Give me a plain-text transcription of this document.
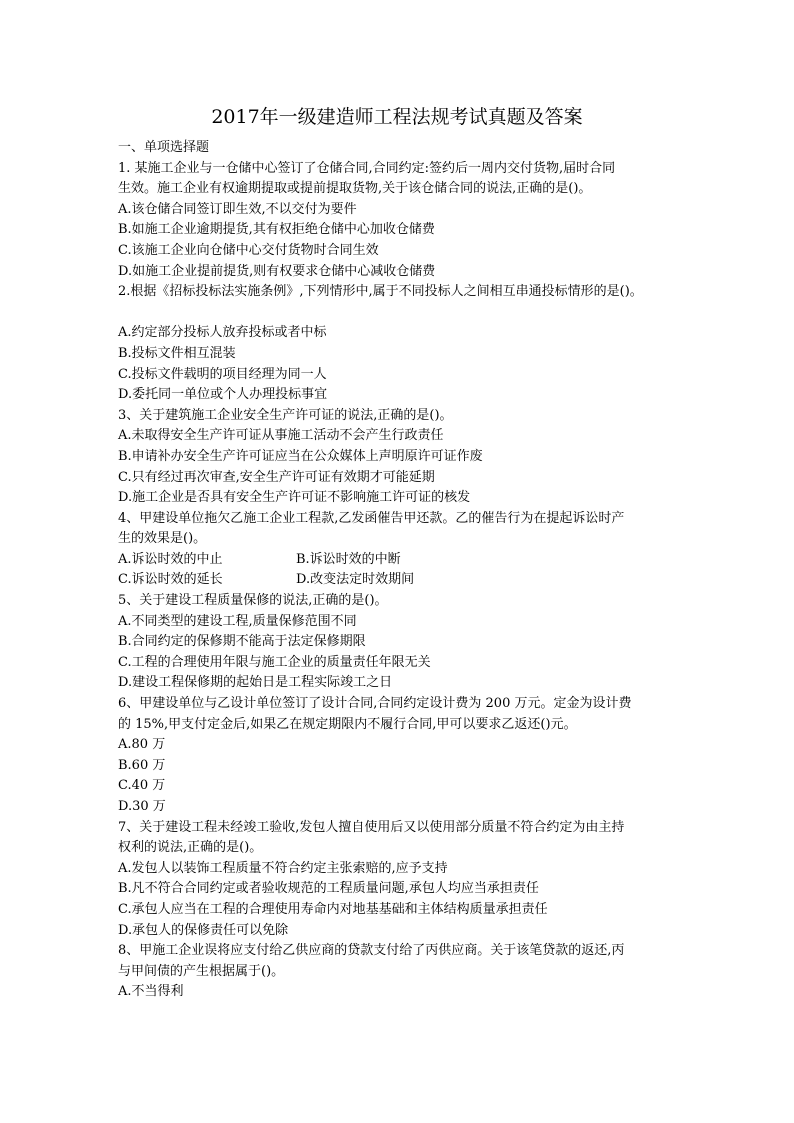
2017年一级建造师工程法规考试真题及答案

一、单项选择题

1. 某施工企业与一仓储中心签订了仓储合同,合同约定:签约后一周内交付货物,届时合同

生效。施工企业有权逾期提取或提前提取货物,关于该仓储合同的说法,正确的是()。

A.该仓储合同签订即生效,不以交付为要件

B.如施工企业逾期提货,其有权拒绝仓储中心加收仓储费

C.该施工企业向仓储中心交付货物时合同生效

D.如施工企业提前提货,则有权要求仓储中心减收仓储费

2.根据《招标投标法实施条例》,下列情形中,属于不同投标人之间相互串通投标情形的是()。

A.约定部分投标人放弃投标或者中标

B.投标文件相互混装

C.投标文件载明的项目经理为同一人

D.委托同一单位或个人办理投标事宜

3、关于建筑施工企业安全生产许可证的说法,正确的是()。

A.未取得安全生产许可证从事施工活动不会产生行政责任

B.申请补办安全生产许可证应当在公众媒体上声明原许可证作废

C.只有经过再次审查,安全生产许可证有效期才可能延期

D.施工企业是否具有安全生产许可证不影响施工许可证的核发

4、甲建设单位拖欠乙施工企业工程款,乙发函催告甲还款。乙的催告行为在提起诉讼时产

生的效果是()。

A.诉讼时效的中止	B.诉讼时效的中断
C.诉讼时效的延长	D.改变法定时效期间

5、关于建设工程质量保修的说法,正确的是()。

A.不同类型的建设工程,质量保修范围不同

B.合同约定的保修期不能高于法定保修期限

C.工程的合理使用年限与施工企业的质量责任年限无关

D.建设工程保修期的起始日是工程实际竣工之日

6、甲建设单位与乙设计单位签订了设计合同,合同约定设计费为 200 万元。定金为设计费

的 15%,甲支付定金后,如果乙在规定期限内不履行合同,甲可以要求乙返还()元。

A.80 万

B.60 万

C.40 万

D.30 万

7、关于建设工程未经竣工验收,发包人擅自使用后又以使用部分质量不符合约定为由主持

权利的说法,正确的是()。

A.发包人以装饰工程质量不符合约定主张索赔的,应予支持

B.凡不符合合同约定或者验收规范的工程质量问题,承包人均应当承担责任

C.承包人应当在工程的合理使用寿命内对地基基础和主体结构质量承担责任

D.承包人的保修责任可以免除

8、甲施工企业误将应支付给乙供应商的贷款支付给了丙供应商。关于该笔贷款的返还,丙

与甲间债的产生根据属于()。

A.不当得利
